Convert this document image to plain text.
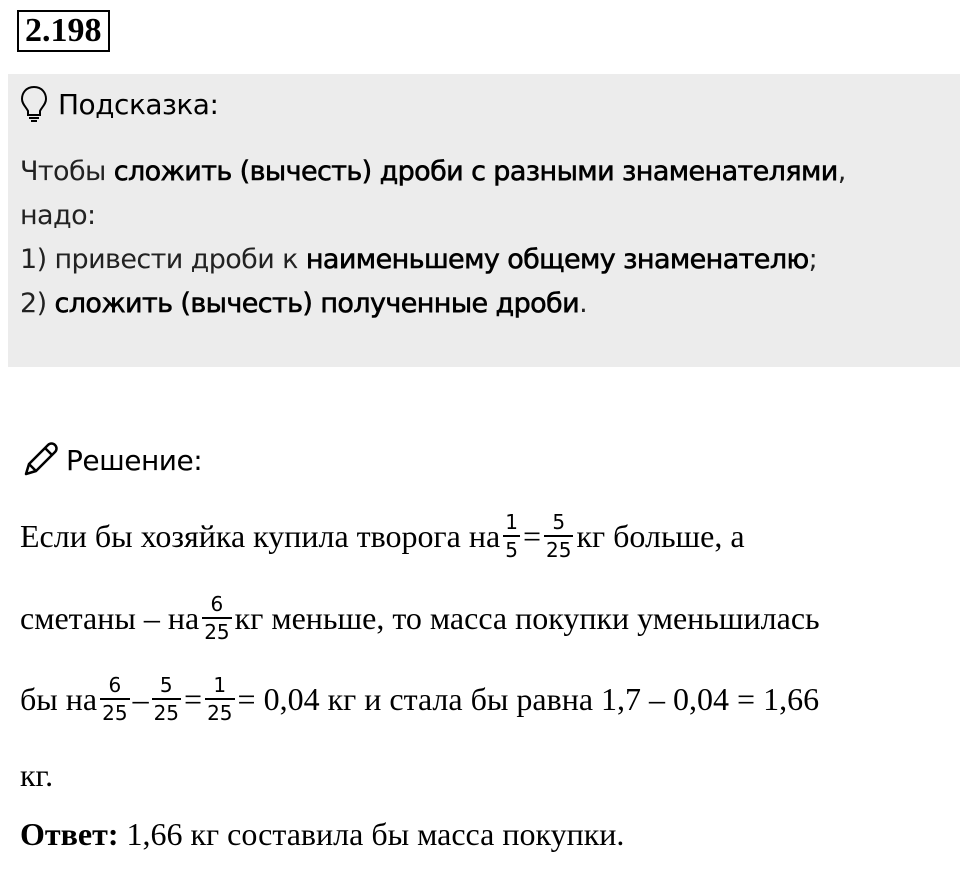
2.198
Подсказка:
Чтобы сложить (вычесть) дроби с разными знаменателями,
надо:
1) привести дроби к наименьшему общему знаменателю;
2) сложить (вычесть) полученные дроби.
Решение:
Если бы хозяйка купила творога на $\frac{1}{5} = \frac{5}{25}$ кг больше, а
сметаны – на $\frac{6}{25}$ кг меньше, то масса покупки уменьшилась
бы на $\frac{6}{25} - \frac{5}{25} = \frac{1}{25} = 0,04$ кг и стала бы равна 1,7 – 0,04 = 1,66
кг.
Ответ: 1,66 кг составила бы масса покупки.
